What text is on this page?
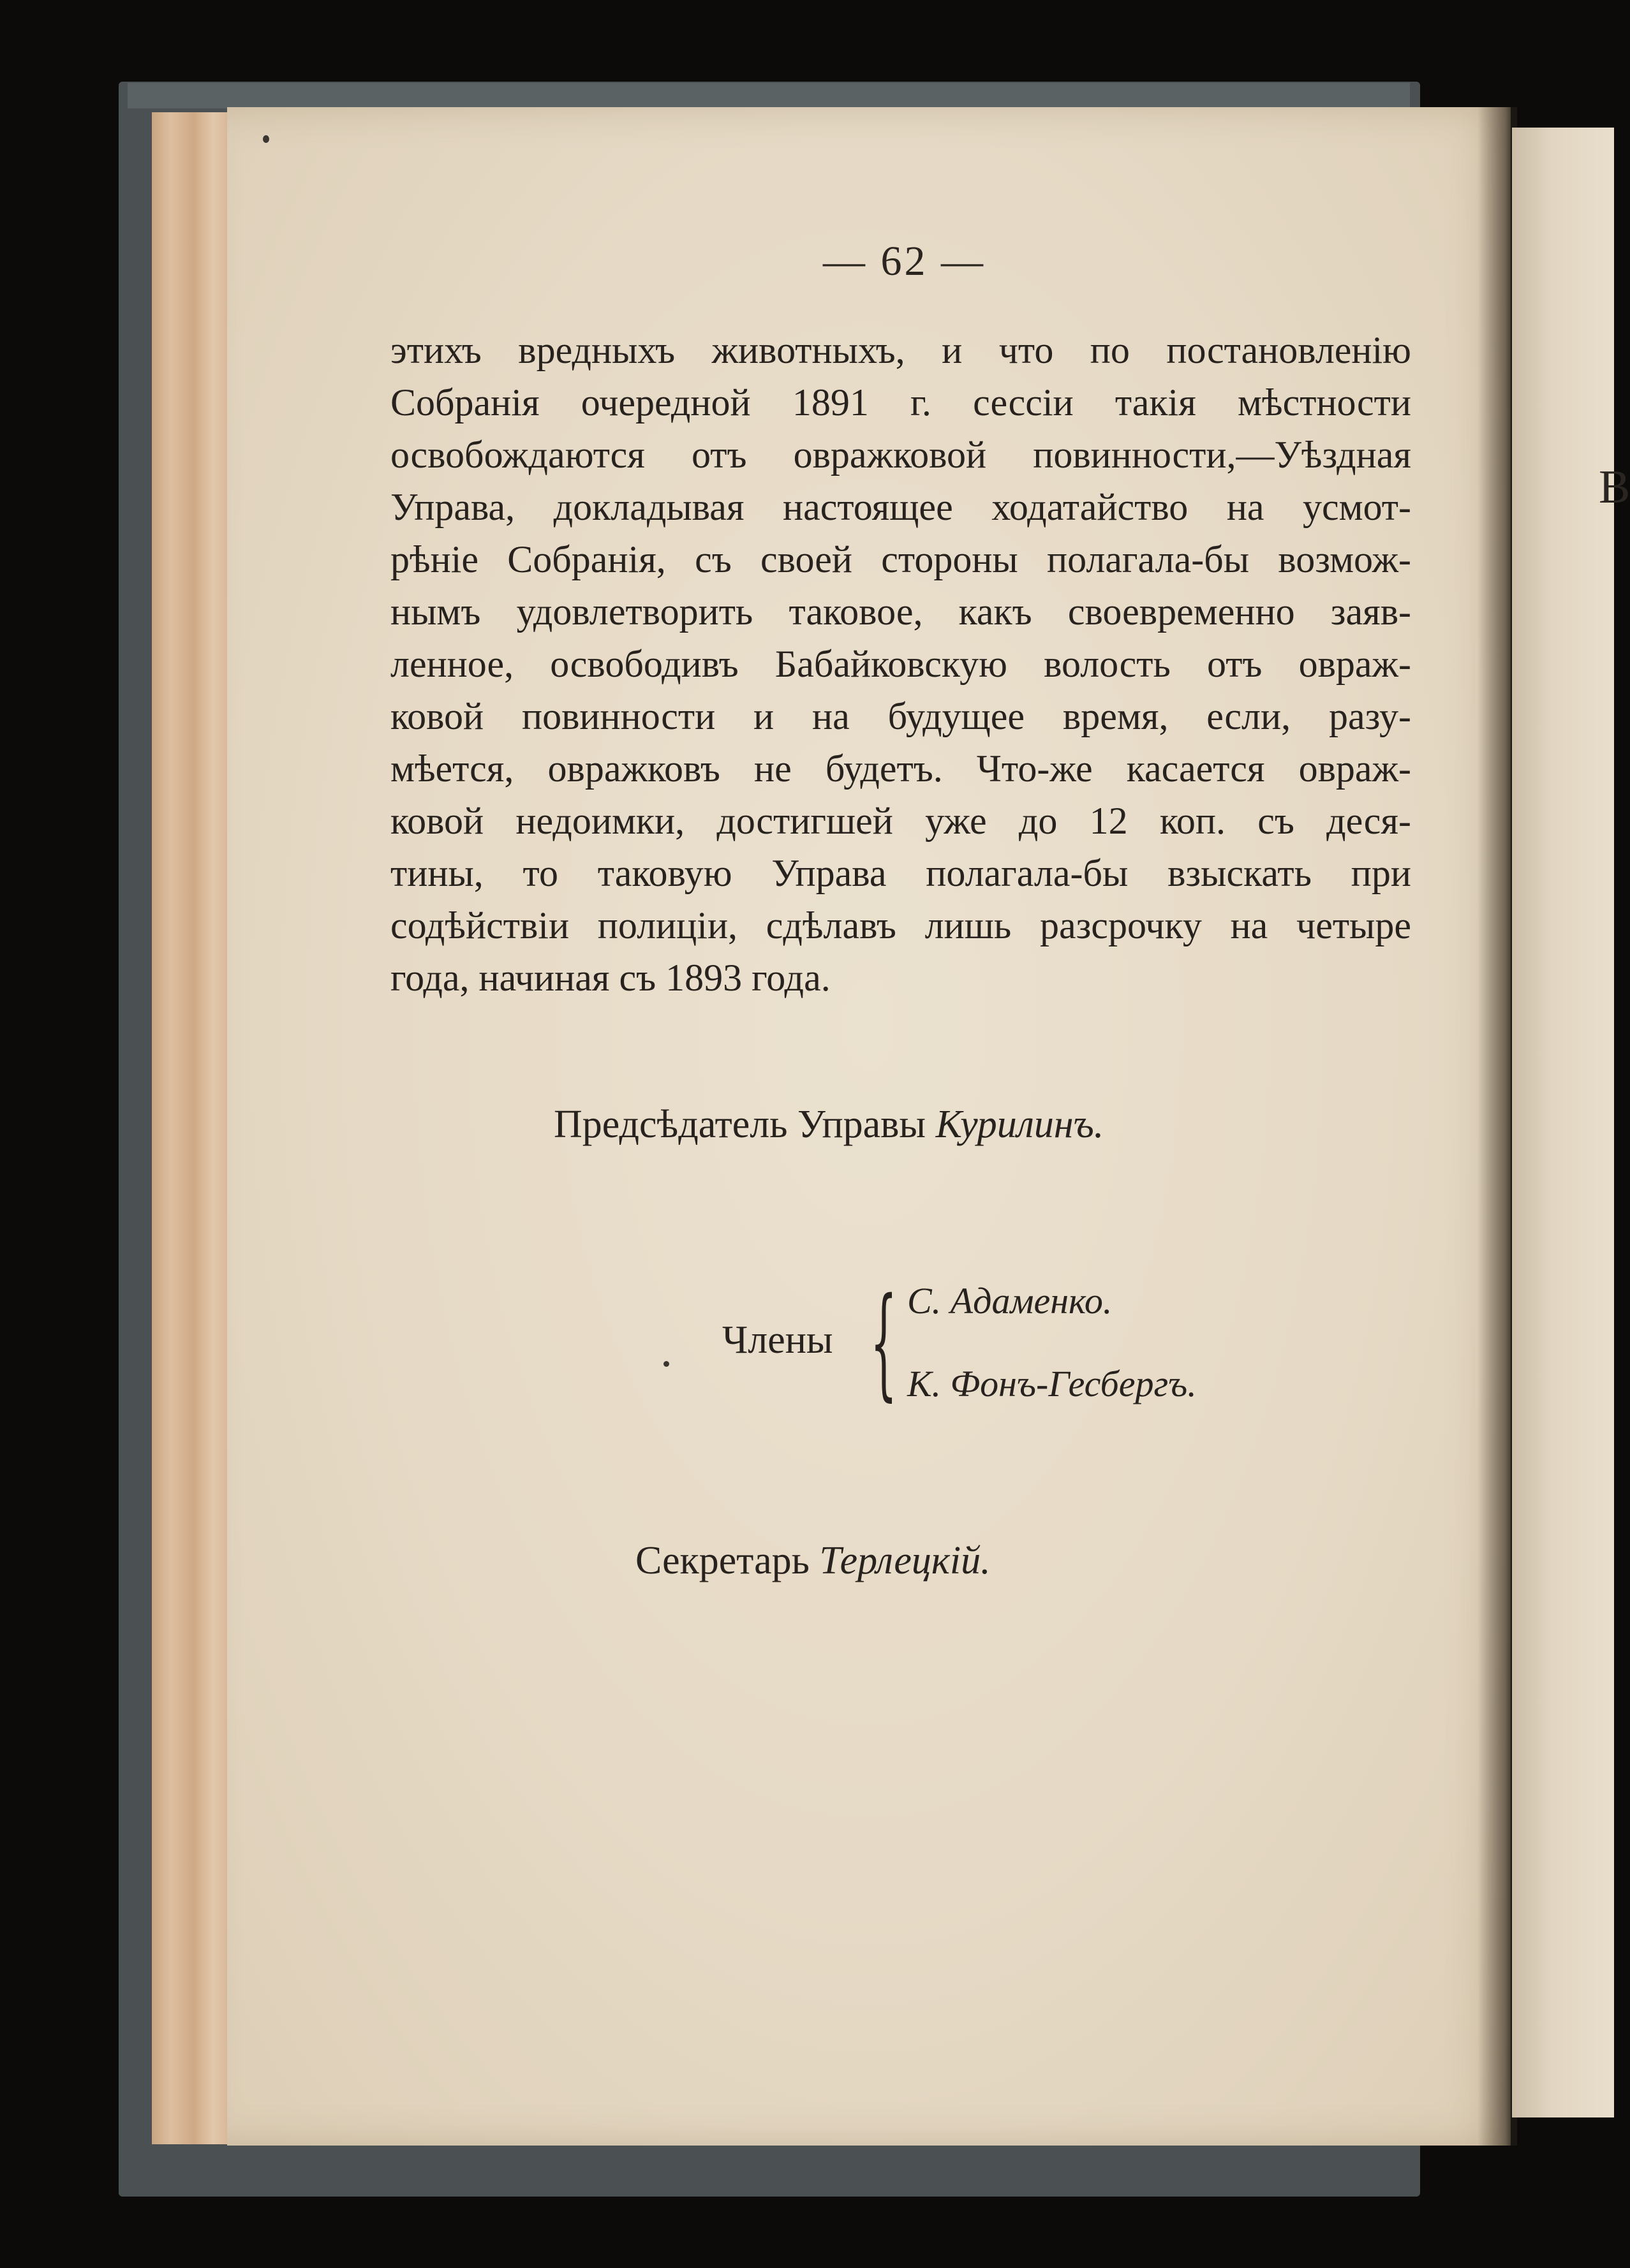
В
— 62 —
этихъ вредныхъ животныхъ, и что по постановленію
Собранія очередной 1891 г. сессіи такія мѣстности
освобождаются отъ овражковой повинности,—Уѣздная
Управа, докладывая настоящее ходатайство на усмот-
рѣніе Собранія, съ своей стороны полагала-бы возмож-
нымъ удовлетворить таковое, какъ своевременно заяв-
ленное, освободивъ Бабайковскую волость отъ овраж-
ковой повинности и на будущее время, если, разу-
мѣется, овражковъ не будетъ. Что-же касается овраж-
ковой недоимки, достигшей уже до 12 коп. съ деся-
тины, то таковую Управа полагала-бы взыскать при
содѣйствіи полиціи, сдѣлавъ лишь разсрочку на четыре
года, начиная съ 1893 года.
Предсѣдатель Управы Курилинъ.
Члены { С. Адаменко.
К. Фонъ-Гесбергъ.
Секретарь Терлецкій.
